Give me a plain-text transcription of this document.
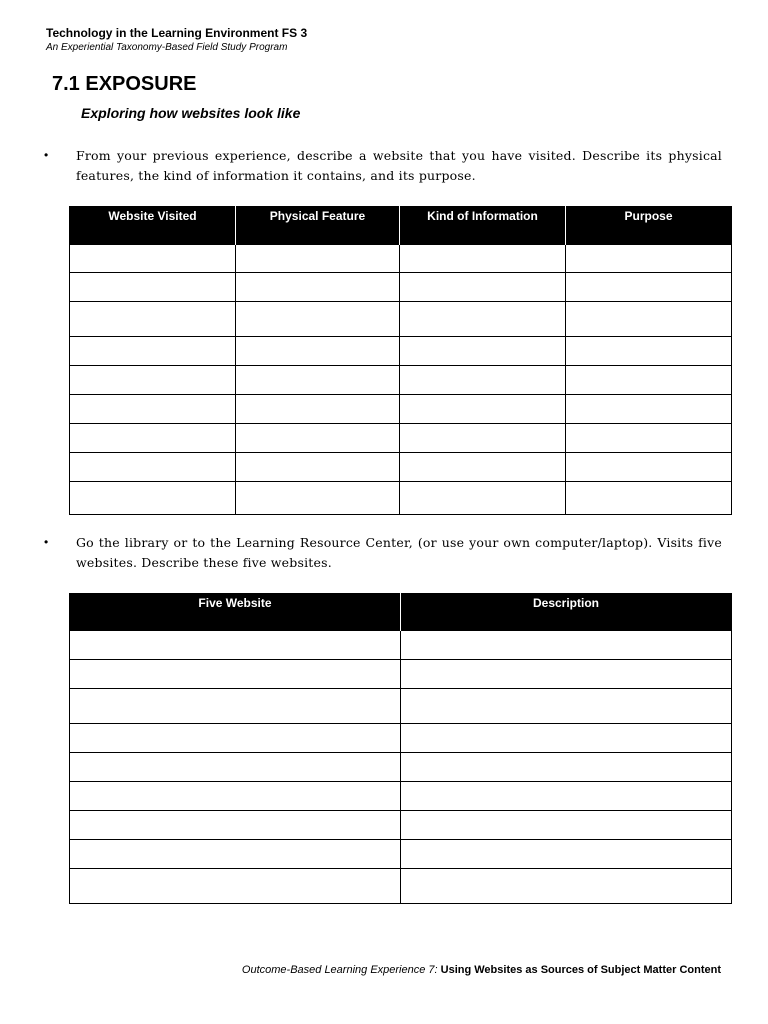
Technology in the Learning Environment FS 3
An Experiential Taxonomy-Based Field Study Program
7.1 EXPOSURE
Exploring how websites look like
• From your previous experience, describe a website that you have visited. Describe its physical features, the kind of information it contains, and its purpose.
Website Visited	Physical Feature	Kind of Information	Purpose

• Go the library or to the Learning Resource Center, (or use your own computer/laptop). Visits five websites. Describe these five websites.
Five Website	Description

Outcome-Based Learning Experience 7: Using Websites as Sources of Subject Matter Content
